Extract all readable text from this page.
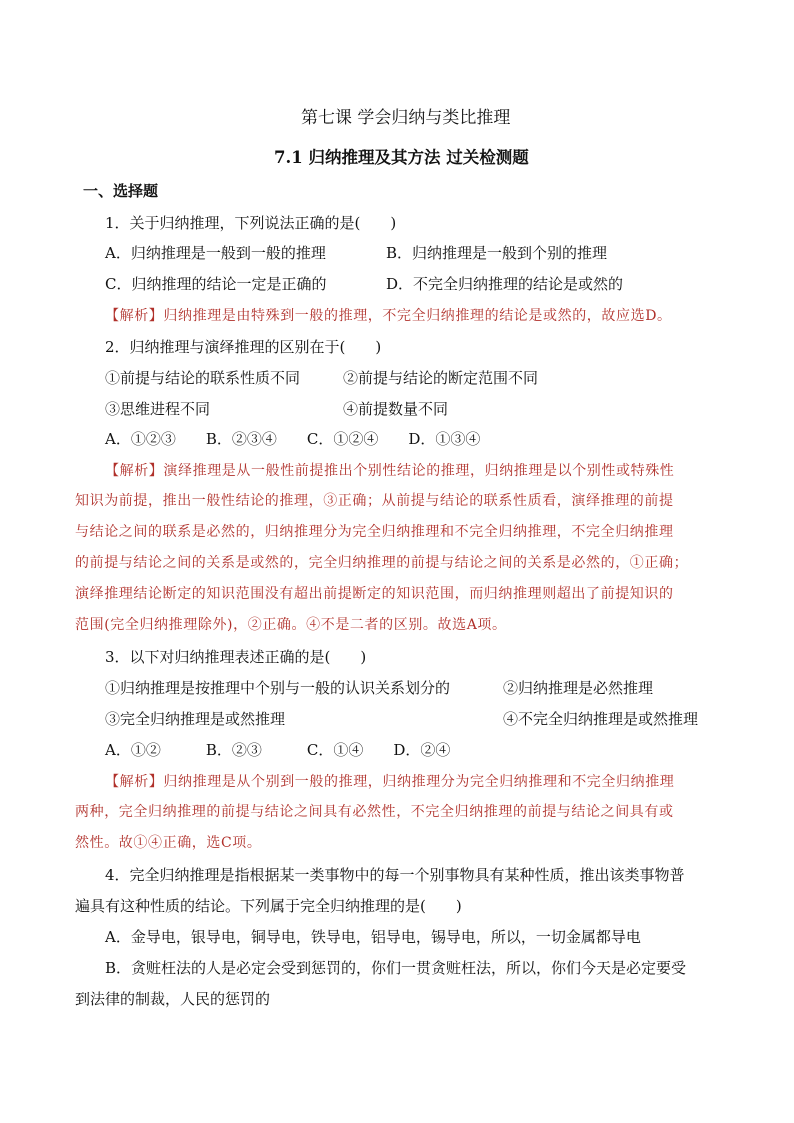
第七课 学会归纳与类比推理
7.1 归纳推理及其方法 过关检测题
一、选择题
1．关于归纳推理，下列说法正确的是(　　)
A．归纳推理是一般到一般的推理	B．归纳推理是一般到个别的推理
C．归纳推理的结论一定是正确的	D．不完全归纳推理的结论是或然的
【解析】归纳推理是由特殊到一般的推理，不完全归纳推理的结论是或然的，故应选D。
2．归纳推理与演绎推理的区别在于(　　)
①前提与结论的联系性质不同	②前提与结论的断定范围不同
③思维进程不同	④前提数量不同
A．①②③　　B．②③④　　C．①②④　　D．①③④
【解析】演绎推理是从一般性前提推出个别性结论的推理，归纳推理是以个别性或特殊性
知识为前提，推出一般性结论的推理，③正确；从前提与结论的联系性质看，演绎推理的前提
与结论之间的联系是必然的，归纳推理分为完全归纳推理和不完全归纳推理，不完全归纳推理
的前提与结论之间的关系是或然的，完全归纳推理的前提与结论之间的关系是必然的，①正确；
演绎推理结论断定的知识范围没有超出前提断定的知识范围，而归纳推理则超出了前提知识的
范围(完全归纳推理除外)，②正确。④不是二者的区别。故选A项。
3．以下对归纳推理表述正确的是(　　)
①归纳推理是按推理中个别与一般的认识关系划分的	②归纳推理是必然推理
③完全归纳推理是或然推理	④不完全归纳推理是或然推理
A．①②　　　B．②③　　　C．①④　　D．②④
【解析】归纳推理是从个别到一般的推理，归纳推理分为完全归纳推理和不完全归纳推理
两种，完全归纳推理的前提与结论之间具有必然性，不完全归纳推理的前提与结论之间具有或
然性。故①④正确，选C项。
4．完全归纳推理是指根据某一类事物中的每一个别事物具有某种性质，推出该类事物普
遍具有这种性质的结论。下列属于完全归纳推理的是(　　)
A．金导电，银导电，铜导电，铁导电，铝导电，锡导电，所以，一切金属都导电
B．贪赃枉法的人是必定会受到惩罚的，你们一贯贪赃枉法，所以，你们今天是必定要受
到法律的制裁，人民的惩罚的
